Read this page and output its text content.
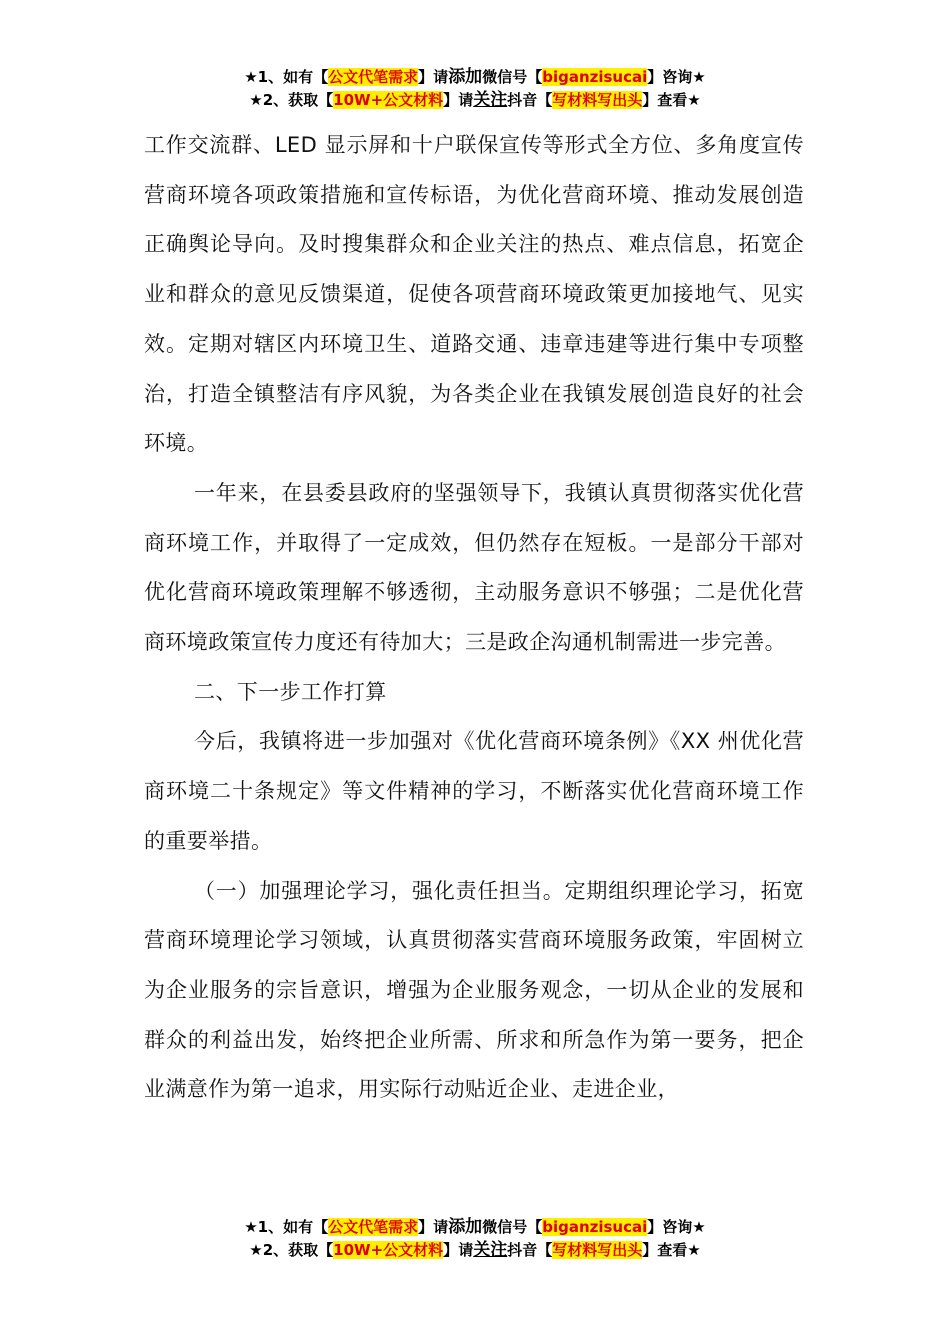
★1、如有【公文代笔需求】请添加微信号【biganzisucai】咨询★
★2、获取【10W+公文材料】请关注抖音【写材料写出头】查看★

工作交流群、LED 显示屏和十户联保宣传等形式全方位、多角度宣传营商环境各项政策措施和宣传标语，为优化营商环境、推动发展创造正确舆论导向。及时搜集群众和企业关注的热点、难点信息，拓宽企业和群众的意见反馈渠道，促使各项营商环境政策更加接地气、见实效。定期对辖区内环境卫生、道路交通、违章违建等进行集中专项整治，打造全镇整洁有序风貌，为各类企业在我镇发展创造良好的社会环境。

一年来，在县委县政府的坚强领导下，我镇认真贯彻落实优化营商环境工作，并取得了一定成效，但仍然存在短板。一是部分干部对优化营商环境政策理解不够透彻，主动服务意识不够强；二是优化营商环境政策宣传力度还有待加大；三是政企沟通机制需进一步完善。

二、下一步工作打算

今后，我镇将进一步加强对《优化营商环境条例》《XX 州优化营商环境二十条规定》等文件精神的学习，不断落实优化营商环境工作的重要举措。

（一）加强理论学习，强化责任担当。定期组织理论学习，拓宽营商环境理论学习领域，认真贯彻落实营商环境服务政策，牢固树立为企业服务的宗旨意识，增强为企业服务观念，一切从企业的发展和群众的利益出发，始终把企业所需、所求和所急作为第一要务，把企业满意作为第一追求，用实际行动贴近企业、走进企业，

★1、如有【公文代笔需求】请添加微信号【biganzisucai】咨询★
★2、获取【10W+公文材料】请关注抖音【写材料写出头】查看★
